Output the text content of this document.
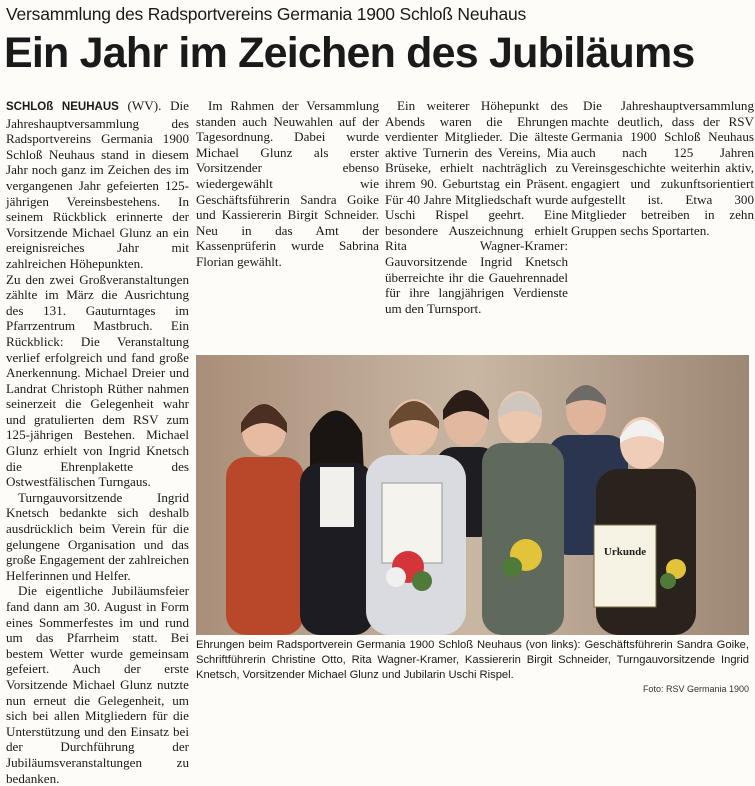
Versammlung des Radsportvereins Germania 1900 Schloß Neuhaus
Ein Jahr im Zeichen des Jubiläums

SCHLOß NEUHAUS (WV). Die Jahreshauptversammlung des Radsportvereins Germania 1900 Schloß Neuhaus stand in diesem Jahr noch ganz im Zeichen des im vergangenen Jahr gefeierten 125-jährigen Vereinsbestehens. In seinem Rückblick erinnerte der Vorsitzende Michael Glunz an ein ereignisreiches Jahr mit zahlreichen Höhepunkten.

Zu den zwei Großveranstaltungen zählte im März die Ausrichtung des 131. Gauturntages im Pfarrzentrum Mastbruch. Ein Rückblick: Die Veranstaltung verlief erfolgreich und fand große Anerkennung. Michael Dreier und Landrat Christoph Rüther nahmen seinerzeit die Gelegenheit wahr und gratulierten dem RSV zum 125-jährigen Bestehen. Michael Glunz erhielt von Ingrid Knetsch die Ehrenplakette des Ostwestfälischen Turngaus.

Turngauvorsitzende Ingrid Knetsch bedankte sich deshalb ausdrücklich beim Verein für die gelungene Organisation und das große Engagement der zahlreichen Helferinnen und Helfer.

Die eigentliche Jubiläumsfeier fand dann am 30. August in Form eines Sommerfestes im und rund um das Pfarrheim statt. Bei bestem Wetter wurde gemeinsam gefeiert. Auch der erste Vorsitzende Michael Glunz nutzte nun erneut die Gelegenheit, um sich bei allen Mitgliedern für die Unterstützung und den Einsatz bei der Durchführung der Jubiläumsveranstaltungen zu bedanken.

Im Rahmen der Versammlung standen auch Neuwahlen auf der Tagesordnung. Dabei wurde Michael Glunz als erster Vorsitzender ebenso wiedergewählt wie Geschäftsführerin Sandra Goike und Kassiererin Birgit Schneider. Neu in das Amt der Kassenprüferin wurde Sabrina Florian gewählt.

Ein weiterer Höhepunkt des Abends waren die Ehrungen verdienter Mitglieder. Die älteste aktive Turnerin des Vereins, Mia Brüseke, erhielt nachträglich zu ihrem 90. Geburtstag ein Präsent. Für 40 Jahre Mitgliedschaft wurde Uschi Rispel geehrt. Eine besondere Auszeichnung erhielt Rita Wagner-Kramer: Gauvorsitzende Ingrid Knetsch überreichte ihr die Gauehrennadel für ihre langjährigen Verdienste um den Turnsport.

Die Jahreshauptversammlung machte deutlich, dass der RSV Germania 1900 Schloß Neuhaus auch nach 125 Jahren Vereinsgeschichte weiterhin aktiv, engagiert und zukunftsorientiert aufgestellt ist. Etwa 300 Mitglieder betreiben in zehn Gruppen sechs Sportarten.

Urkunde
Ehrungen beim Radsportverein Germania 1900 Schloß Neuhaus (von links): Geschäftsführerin Sandra Goike, Schriftführerin Christine Otto, Rita Wagner-Kramer, Kassiererin Birgit Schneider, Turngauvorsitzende Ingrid Knetsch, Vorsitzender Michael Glunz und Jubilarin Uschi Rispel.
Foto: RSV Germania 1900
